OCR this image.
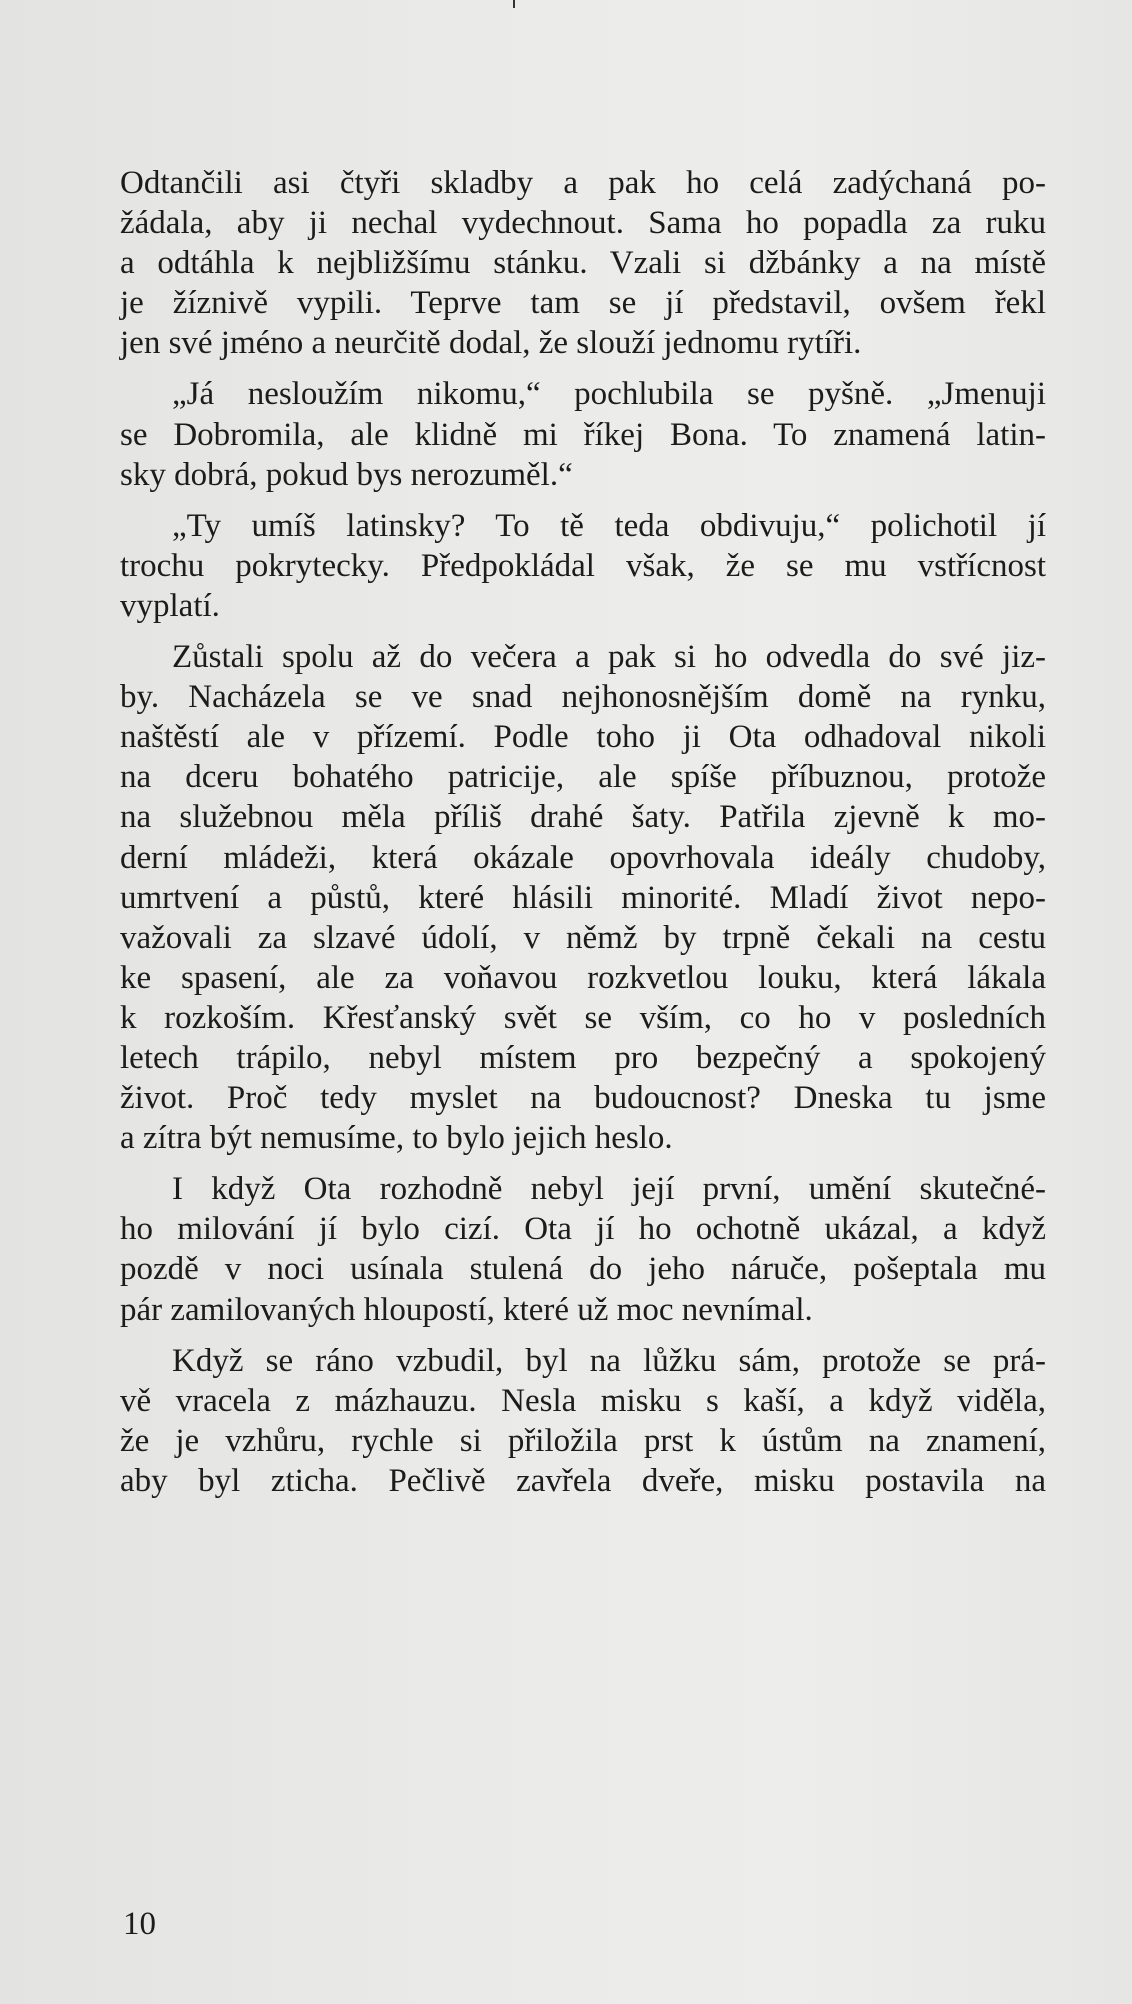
Odtančili asi čtyři skladby a pak ho celá zadýchaná po-
žádala, aby ji nechal vydechnout. Sama ho popadla za ruku
a odtáhla k nejbližšímu stánku. Vzali si džbánky a na místě
je žíznivě vypili. Teprve tam se jí představil, ovšem řekl
jen své jméno a neurčitě dodal, že slouží jednomu rytíři.
„Já nesloužím nikomu,“ pochlubila se pyšně. „Jmenuji
se Dobromila, ale klidně mi říkej Bona. To znamená latin-
sky dobrá, pokud bys nerozuměl.“
„Ty umíš latinsky? To tě teda obdivuju,“ polichotil jí
trochu pokrytecky. Předpokládal však, že se mu vstřícnost
vyplatí.
Zůstali spolu až do večera a pak si ho odvedla do své jiz-
by. Nacházela se ve snad nejhonosnějším domě na rynku,
naštěstí ale v přízemí. Podle toho ji Ota odhadoval nikoli
na dceru bohatého patricije, ale spíše příbuznou, protože
na služebnou měla příliš drahé šaty. Patřila zjevně k mo-
derní mládeži, která okázale opovrhovala ideály chudoby,
umrtvení a půstů, které hlásili minorité. Mladí život nepo-
važovali za slzavé údolí, v němž by trpně čekali na cestu
ke spasení, ale za voňavou rozkvetlou louku, která lákala
k rozkoším. Křesťanský svět se vším, co ho v posledních
letech trápilo, nebyl místem pro bezpečný a spokojený
život. Proč tedy myslet na budoucnost? Dneska tu jsme
a zítra být nemusíme, to bylo jejich heslo.
I když Ota rozhodně nebyl její první, umění skutečné-
ho milování jí bylo cizí. Ota jí ho ochotně ukázal, a když
pozdě v noci usínala stulená do jeho náruče, pošeptala mu
pár zamilovaných hloupostí, které už moc nevnímal.
Když se ráno vzbudil, byl na lůžku sám, protože se prá-
vě vracela z mázhauzu. Nesla misku s kaší, a když viděla,
že je vzhůru, rychle si přiložila prst k ústům na znamení,
aby byl zticha. Pečlivě zavřela dveře, misku postavila na
10
